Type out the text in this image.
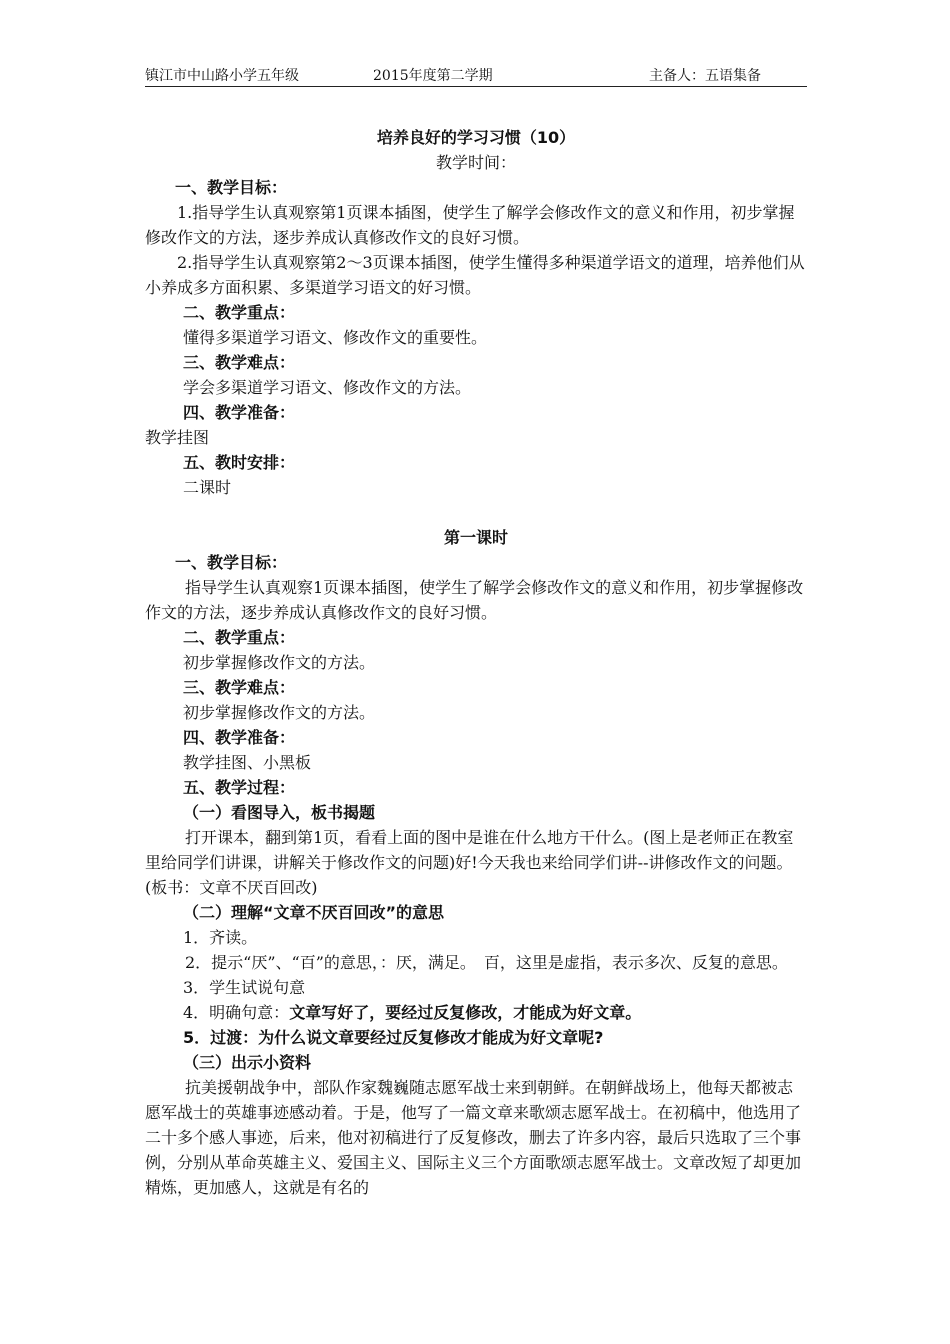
镇江市中山路小学五年级	2015年度第二学期	主备人：五语集备

培养良好的学习习惯（10）

教学时间：

一、教学目标：

1.指导学生认真观察第1页课本插图，使学生了解学会修改作文的意义和作用，初步掌握修改作文的方法，逐步养成认真修改作文的良好习惯。

2.指导学生认真观察第2～3页课本插图，使学生懂得多种渠道学语文的道理，培养他们从小养成多方面积累、多渠道学习语文的好习惯。

二、教学重点：

懂得多渠道学习语文、修改作文的重要性。

三、教学难点：

学会多渠道学习语文、修改作文的方法。

四、教学准备：

教学挂图

五、教时安排：

二课时

第一课时

一、教学目标：

指导学生认真观察1页课本插图，使学生了解学会修改作文的意义和作用，初步掌握修改作文的方法，逐步养成认真修改作文的良好习惯。

二、教学重点：

初步掌握修改作文的方法。

三、教学难点：

初步掌握修改作文的方法。

四、教学准备：

教学挂图、小黑板

五、教学过程：

（一）看图导入，板书揭题

打开课本，翻到第1页，看看上面的图中是谁在什么地方干什么。(图上是老师正在教室里给同学们讲课，讲解关于修改作文的问题)好!今天我也来给同学们讲--讲修改作文的问题。(板书：文章不厌百回改)

（二）理解“文章不厌百回改”的意思

1．齐读。

2．提示“厌”、“百”的意思，：厌，满足。　百，这里是虚指，表示多次、反复的意思。

3．学生试说句意

4．明确句意：文章写好了，要经过反复修改，才能成为好文章。

5．过渡：为什么说文章要经过反复修改才能成为好文章呢?

（三）出示小资料

抗美援朝战争中，部队作家魏巍随志愿军战士来到朝鲜。在朝鲜战场上，他每天都被志愿军战士的英雄事迹感动着。于是，他写了一篇文章来歌颂志愿军战士。在初稿中，他选用了二十多个感人事迹，后来，他对初稿进行了反复修改，删去了许多内容，最后只选取了三个事例，分别从革命英雄主义、爱国主义、国际主义三个方面歌颂志愿军战士。文章改短了却更加精炼，更加感人，这就是有名的
